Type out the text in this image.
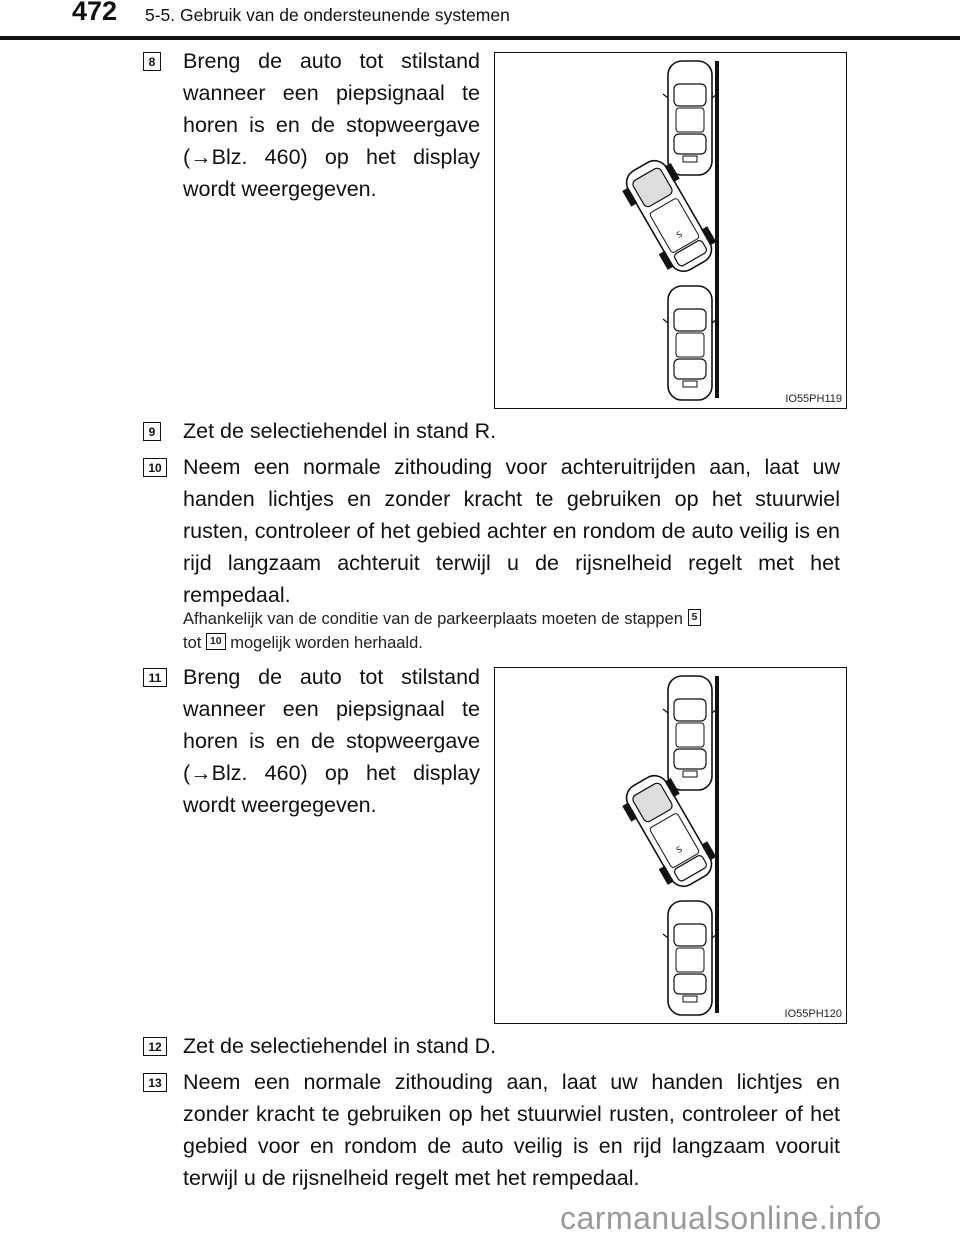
472 5-5. Gebruik van de ondersteunende systemen
8 Breng de auto tot stilstand wanneer een piepsignaal te horen is en de stopweergave (→Blz. 460) op het display wordt weergegeven.
S
IO55PH119
9 Zet de selectiehendel in stand R.
10 Neem een normale zithouding voor achteruitrijden aan, laat uw handen lichtjes en zonder kracht te gebruiken op het stuurwiel rusten, controleer of het gebied achter en rondom de auto veilig is en rijd langzaam achteruit terwijl u de rijsnelheid regelt met het rempedaal.
Afhankelijk van de conditie van de parkeerplaats moeten de stappen 5
tot 10 mogelijk worden herhaald.
11 Breng de auto tot stilstand wanneer een piepsignaal te horen is en de stopweergave (→Blz. 460) op het display wordt weergegeven.
S
IO55PH120
12 Zet de selectiehendel in stand D.
13 Neem een normale zithouding aan, laat uw handen lichtjes en zonder kracht te gebruiken op het stuurwiel rusten, controleer of het gebied voor en rondom de auto veilig is en rijd langzaam vooruit terwijl u de rijsnelheid regelt met het rempedaal.
carmanualsonline.info
